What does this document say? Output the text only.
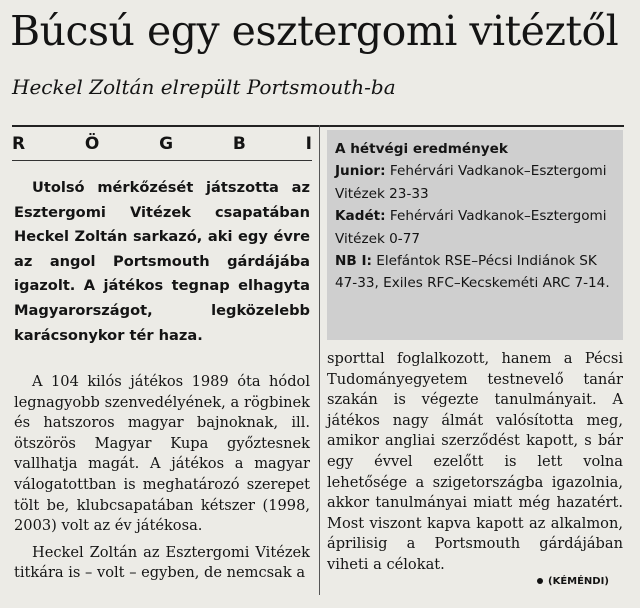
Búcsú egy esztergomi vitéztől
Heckel Zoltán elrepült Portsmouth-ba
R	Ö	G	B	I

Utolsó mérkőzését játszotta az Esztergomi Vitézek csapatában Heckel Zoltán sarkazó, aki egy évre az angol Portsmouth gárdájába igazolt. A játékos tegnap elhagyta Magyarországot, legközelebb karácsonykor tér haza.

A 104 kilós játékos 1989 óta hódol legnagyobb szenvedélyének, a rögbinek és hatszoros magyar bajnoknak, ill. ötszörös Magyar Kupa győztesnek vallhatja magát. A játékos a magyar válogatottban is meghatározó szerepet tölt be, klubcsapatában kétszer (1998, 2003) volt az év játékosa.

Heckel Zoltán az Esztergomi Vitézek titkára is – volt – egyben, de nemcsak a

A hétvégi eredmények

Junior: Fehérvári Vadkanok–Esztergomi Vitézek 23-33

Kadét: Fehérvári Vadkanok–Esztergomi Vitézek 0-77

NB I: Elefántok RSE–Pécsi Indiánok SK 47-33, Exiles RFC–Kecskeméti ARC 7-14.

sporttal foglalkozott, hanem a Pécsi Tudományegyetem testnevelő tanár szakán is végezte tanulmányait. A játékos nagy álmát valósította meg, amikor angliai szerződést kapott, s bár egy évvel ezelőtt is lett volna lehetősége a szigetországba igazolnia, akkor tanulmányai miatt még hazatért. Most viszont kapva kapott az alkalmon, áprilisig a Portsmouth gárdájában viheti a célokat.

(KÉMÉNDI)
